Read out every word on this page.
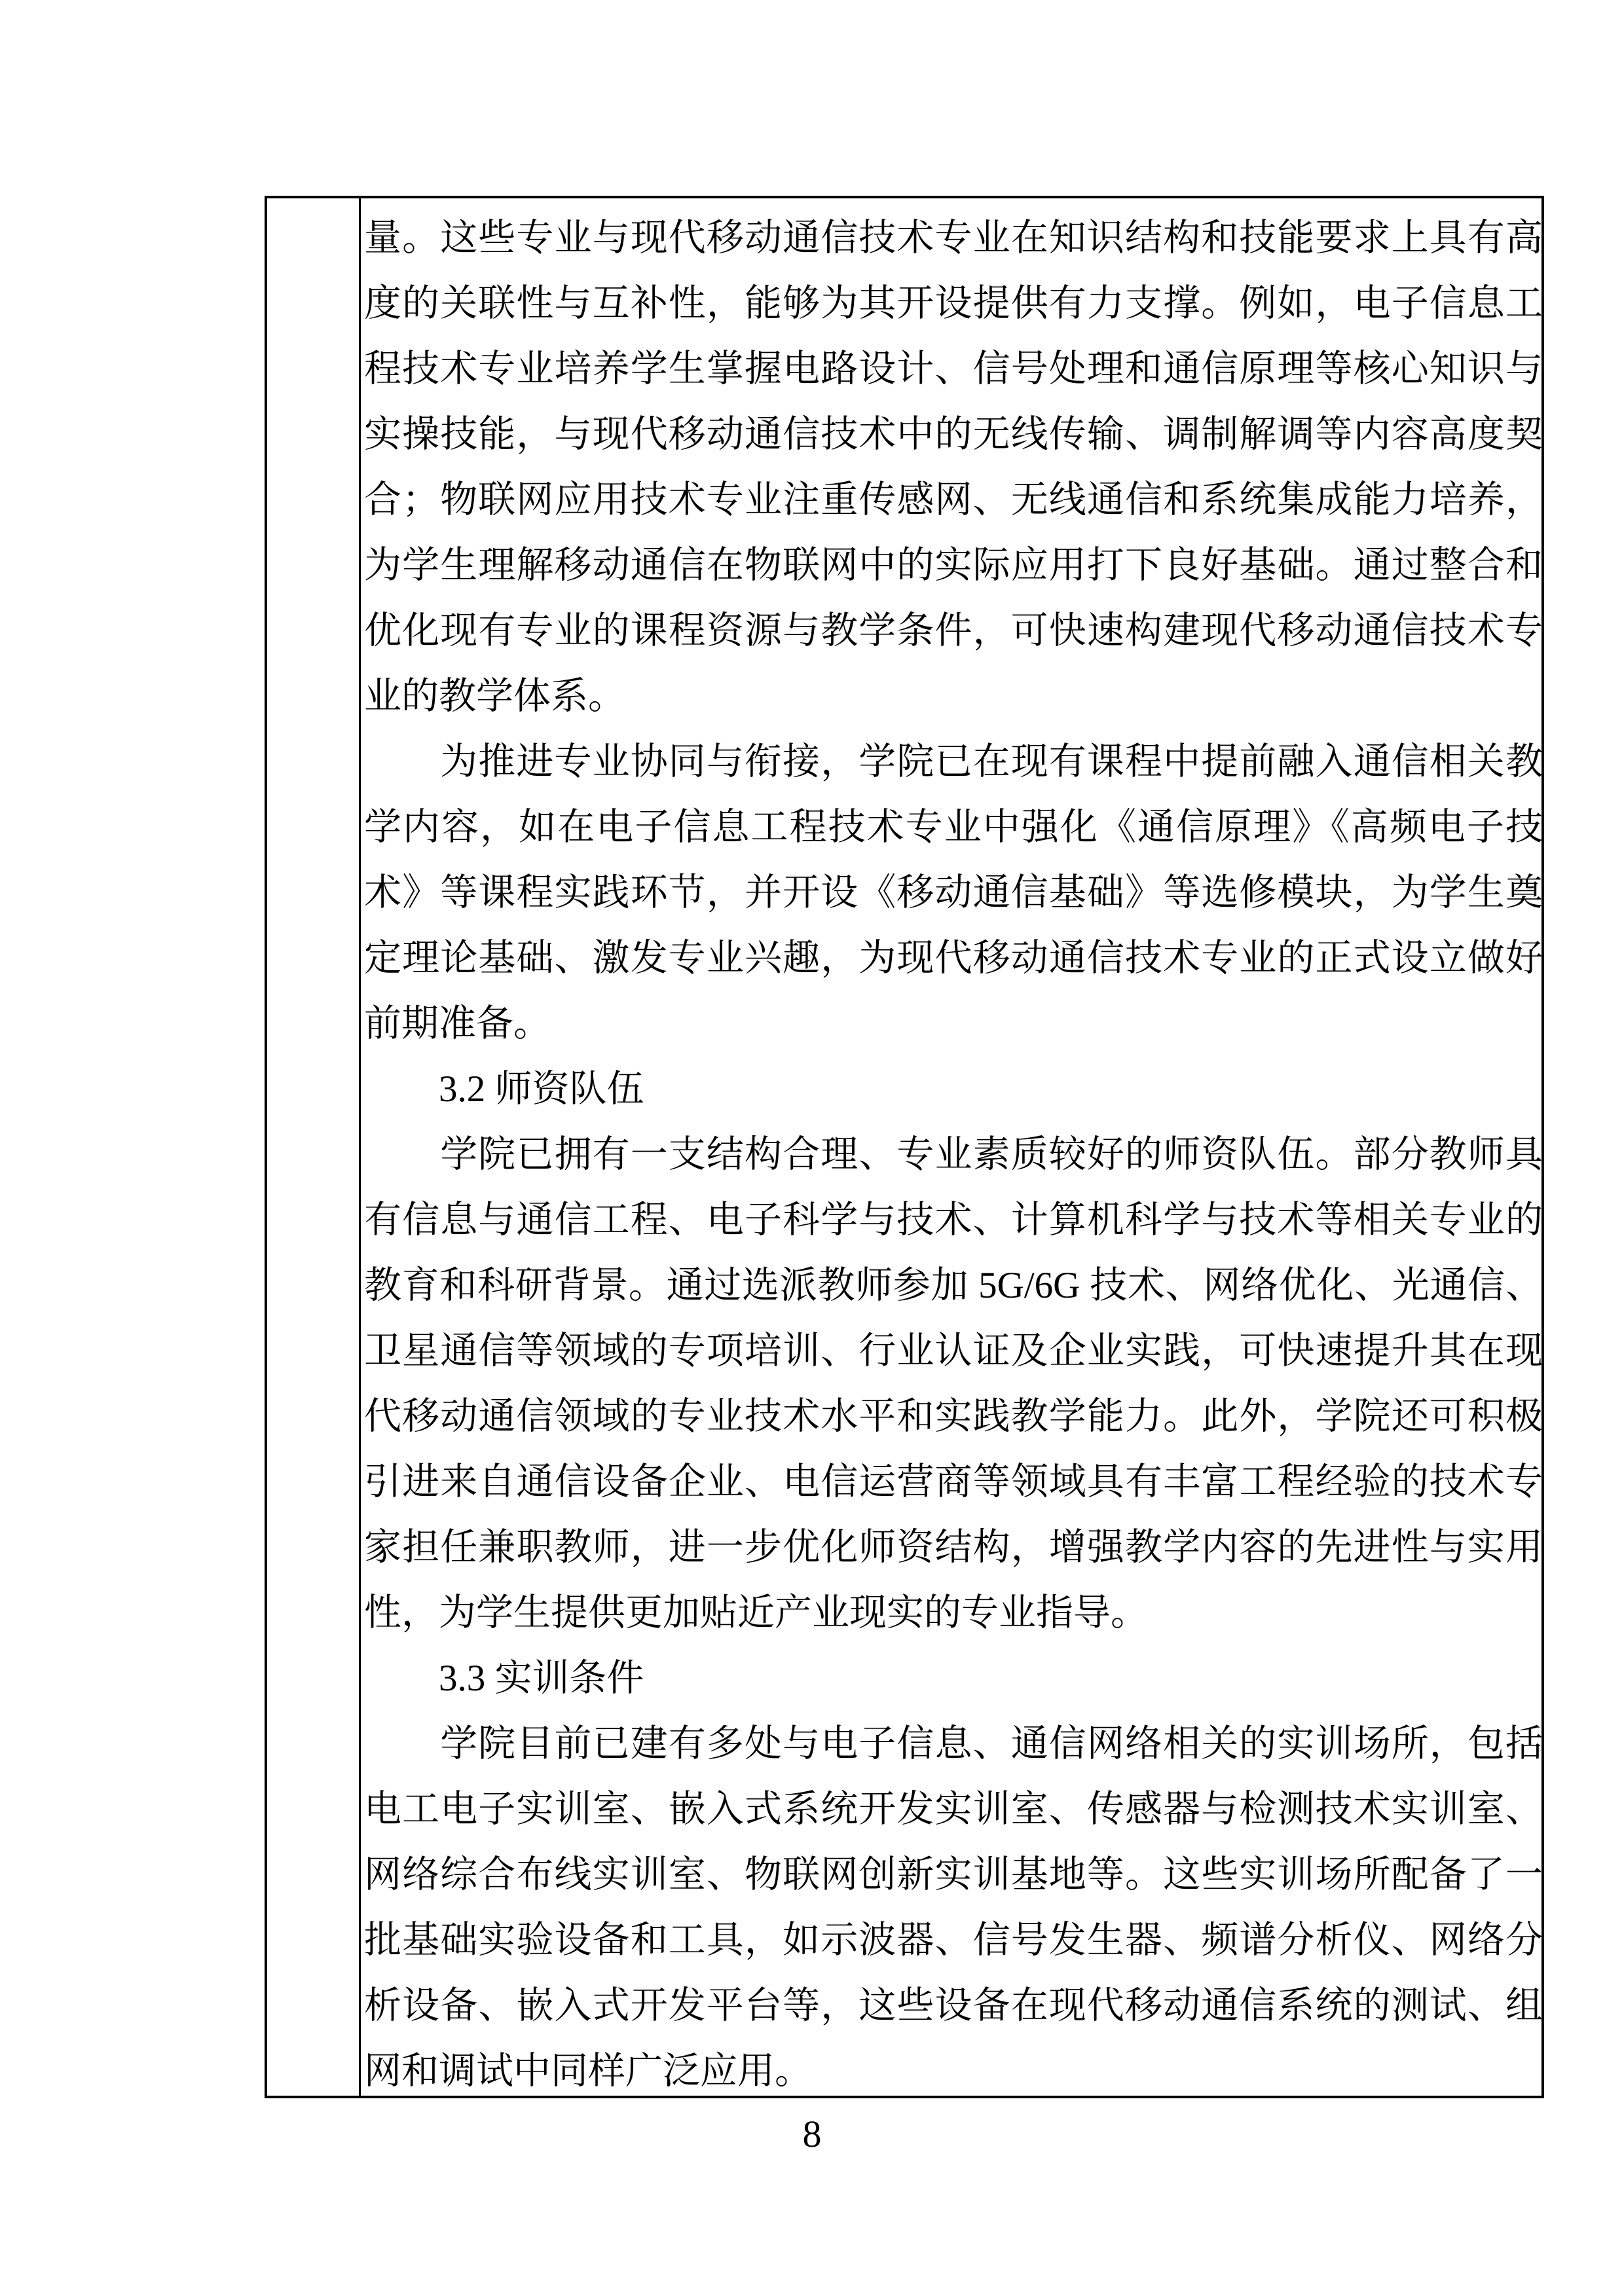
量。这些专业与现代移动通信技术专业在知识结构和技能要求上具有高
度的关联性与互补性，能够为其开设提供有力支撑。例如，电子信息工
程技术专业培养学生掌握电路设计、信号处理和通信原理等核心知识与
实操技能，与现代移动通信技术中的无线传输、调制解调等内容高度契
合；物联网应用技术专业注重传感网、无线通信和系统集成能力培养，
为学生理解移动通信在物联网中的实际应用打下良好基础。通过整合和
优化现有专业的课程资源与教学条件，可快速构建现代移动通信技术专
业的教学体系。
　　为推进专业协同与衔接，学院已在现有课程中提前融入通信相关教
学内容，如在电子信息工程技术专业中强化《通信原理》《高频电子技
术》等课程实践环节，并开设《移动通信基础》等选修模块，为学生奠
定理论基础、激发专业兴趣，为现代移动通信技术专业的正式设立做好
前期准备。
　　3.2 师资队伍
　　学院已拥有一支结构合理、专业素质较好的师资队伍。部分教师具
有信息与通信工程、电子科学与技术、计算机科学与技术等相关专业的
教育和科研背景。通过选派教师参加 5G/6G 技术、网络优化、光通信、
卫星通信等领域的专项培训、行业认证及企业实践，可快速提升其在现
代移动通信领域的专业技术水平和实践教学能力。此外，学院还可积极
引进来自通信设备企业、电信运营商等领域具有丰富工程经验的技术专
家担任兼职教师，进一步优化师资结构，增强教学内容的先进性与实用
性，为学生提供更加贴近产业现实的专业指导。
　　3.3 实训条件
　　学院目前已建有多处与电子信息、通信网络相关的实训场所，包括
电工电子实训室、嵌入式系统开发实训室、传感器与检测技术实训室、
网络综合布线实训室、物联网创新实训基地等。这些实训场所配备了一
批基础实验设备和工具，如示波器、信号发生器、频谱分析仪、网络分
析设备、嵌入式开发平台等，这些设备在现代移动通信系统的测试、组
网和调试中同样广泛应用。
8
